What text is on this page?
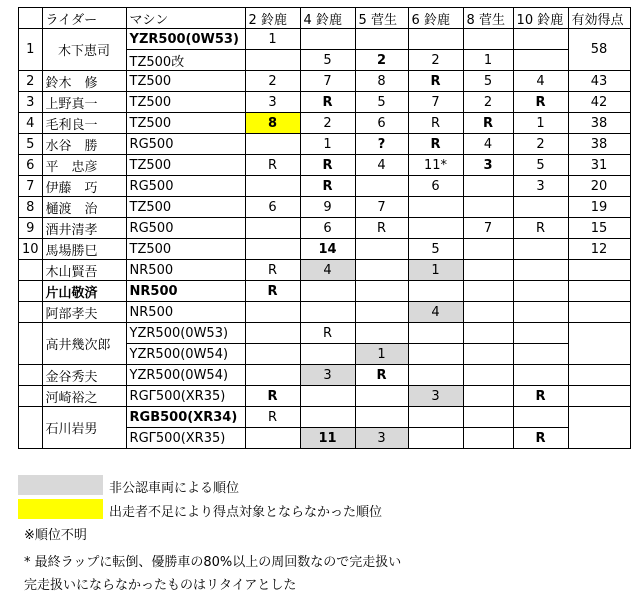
	ライダー	マシン	2 鈴鹿	4 鈴鹿	5 菅生	6 鈴鹿	8 菅生	10 鈴鹿	有効得点
1	木下恵司	YZR500(0W53)	1						58
		TZ500改		5	2	2	1		
2	鈴木　修	TZ500	2	7	8	R	5	4	43
3	上野真一	TZ500	3	R	5	7	2	R	42
4	毛利良一	TZ500	8	2	6	R	R	1	38
5	水谷　勝	RG500		1	?	R	4	2	38
6	平　忠彦	TZ500	R	R	4	11*	3	5	31
7	伊藤　巧	RG500		R		6		3	20
8	樋渡　治	TZ500	6	9	7				19
9	酒井清孝	RG500		6	R		7	R	15
10	馬場勝巳	TZ500		14		5			12
	木山賢吾	NR500	R	4		1			
	片山敬済	NR500	R						
	阿部孝夫	NR500				4			
	高井幾次郎	YZR500(0W53)		R					
		YZR500(0W54)			1				
	金谷秀夫	YZR500(0W54)		3	R				
	河崎裕之	RGΓ500(XR35)	R			3		R	
	石川岩男	RGB500(XR34)	R						
		RGΓ500(XR35)		11	3			R	
非公認車両による順位
出走者不足により得点対象とならなかった順位
※順位不明
* 最終ラップに転倒、優勝車の80%以上の周回数なので完走扱い
完走扱いにならなかったものはリタイアとした
